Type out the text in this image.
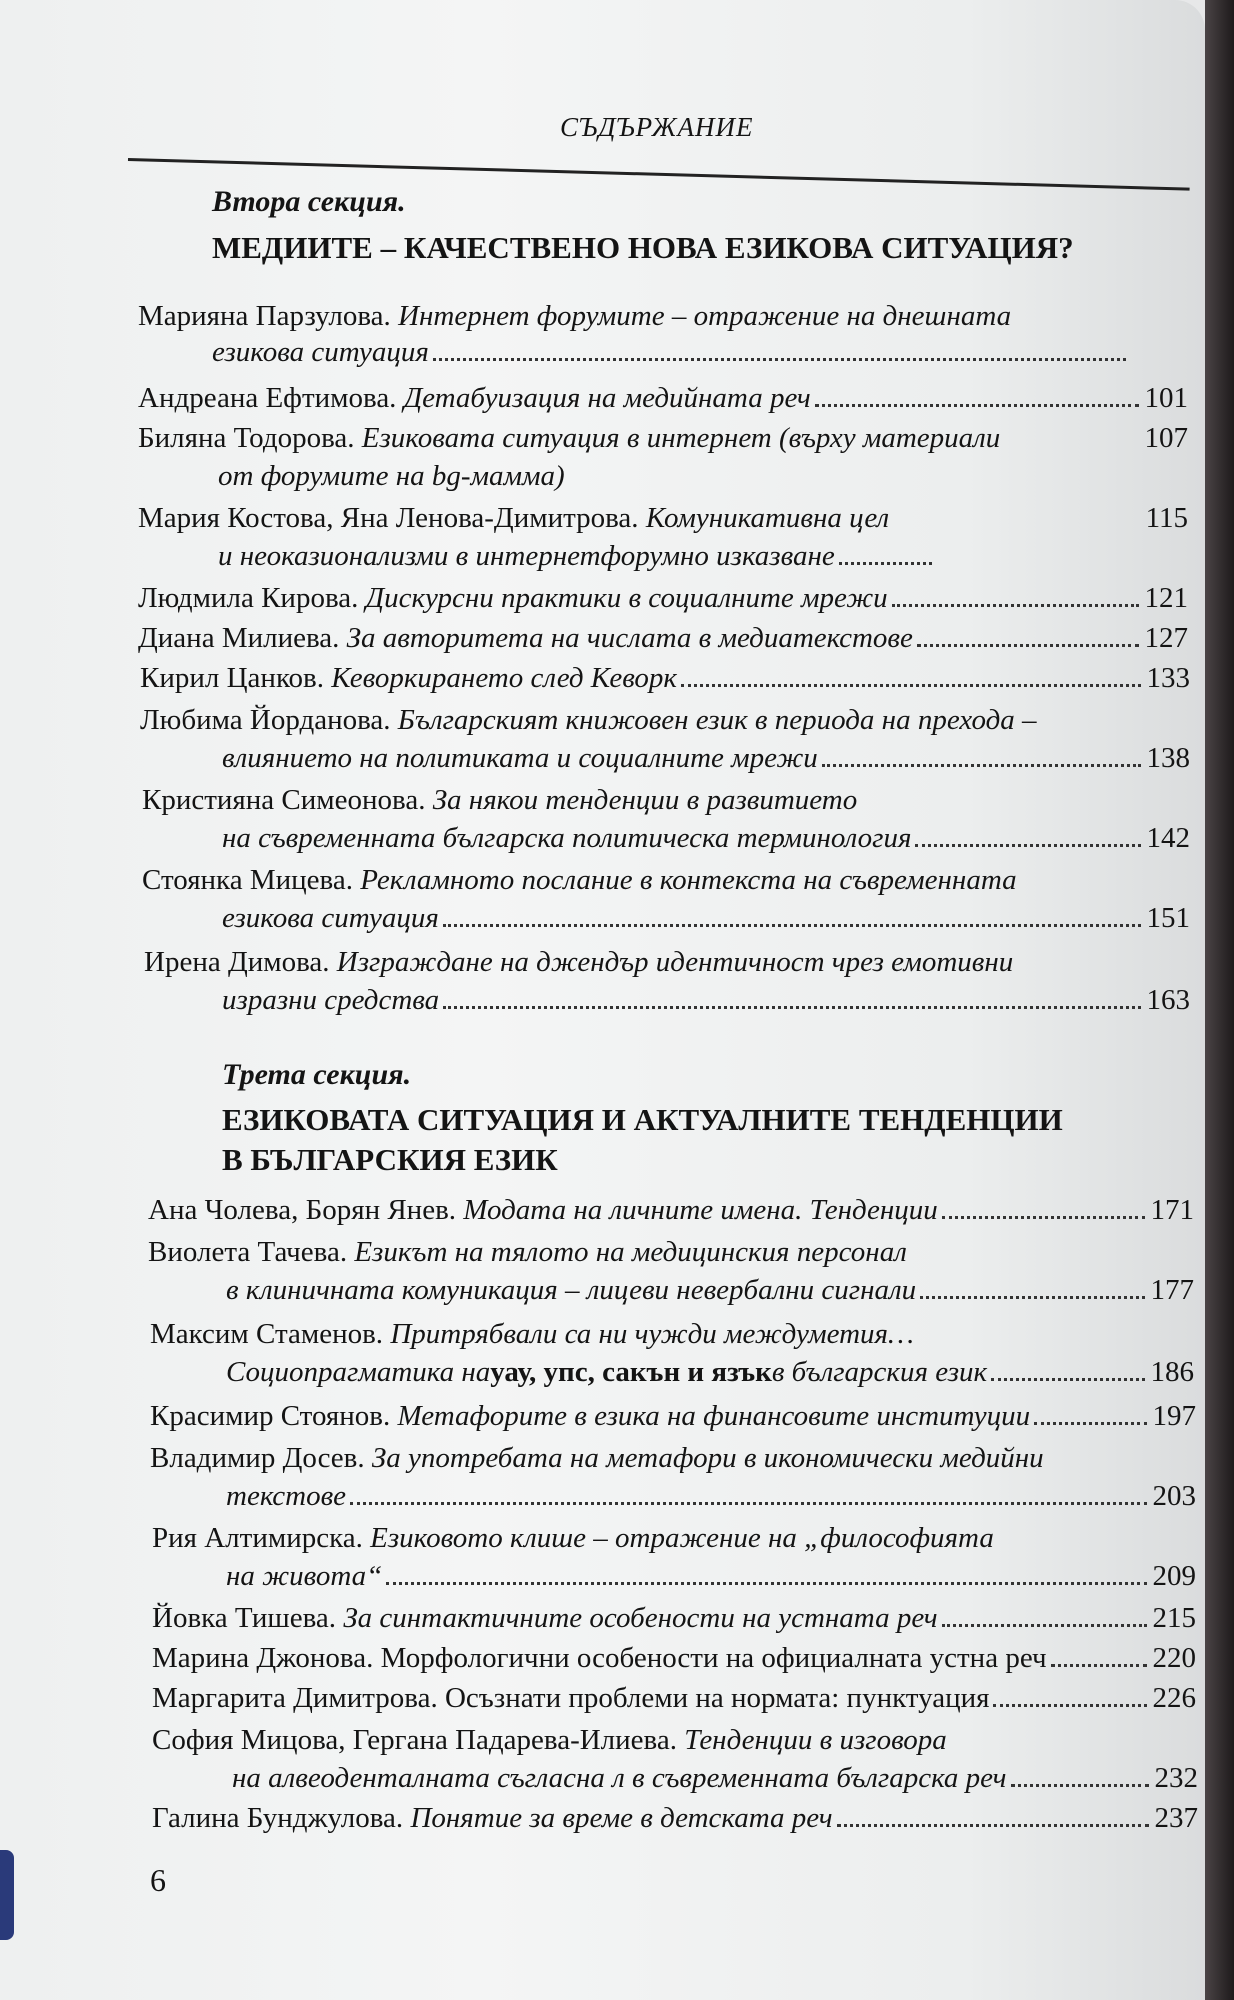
СЪДЪРЖАНИЕ
Втора секция.
МЕДИИТЕ – КАЧЕСТВЕНО НОВА ЕЗИКОВА СИТУАЦИЯ?
Марияна Парзулова.
Интернет форумите – отражение на днешната
езикова ситуация
Андреана Ефтимова.
Детабуизация на медийната реч	101
Биляна Тодорова.
Езиковата ситуация в интернет (върху материали	107
от форумите на bg-мамма)
Мария Костова, Яна Ленова-Димитрова.
Комуникативна цел	115
и неоказионализми в интернетфорумно изказване
Людмила Кирова.
Дискурсни практики в социалните мрежи	121
Диана Милиева.
За авторитета на числата в медиатекстове	127
Кирил Цанков.
Кеворкирането след Кеворк	133
Любима Йорданова.
Българският книжовен език в периода на прехода –
влиянието на политиката и социалните мрежи	138
Кристияна Симеонова.
За някои тенденции в развитието
на съвременната българска политическа терминология	142
Стоянка Мицева.
Рекламното послание в контекста на съвременната
езикова ситуация	151
Ирена Димова.
Изграждане на джендър идентичност чрез емотивни
изразни средства	163
Трета секция.
ЕЗИКОВАТА СИТУАЦИЯ И АКТУАЛНИТЕ ТЕНДЕНЦИИ
В БЪЛГАРСКИЯ ЕЗИК
Ана Чолева, Борян Янев.
Модата на личните имена. Тенденции	171
Виолета Тачева.
Езикът на тялото на медицинския персонал
в клиничната комуникация – лицеви невербални сигнали	177
Максим Стаменов.
Притрябвали са ни чужди междуметия…
Социопрагматика на уау, упс, сакън и язък в българския език	186
Красимир Стоянов.
Метафорите в езика на финансовите институции	197
Владимир Досев.
За употребата на метафори в икономически медийни
текстове	203
Рия Алтимирска.
Езиковото клише – отражение на „философията
на живота“	209
Йовка Тишева.
За синтактичните особености на устната реч	215
Марина Джонова.
Морфологични особености на официалната устна реч	220
Маргарита Димитрова.
Осъзнати проблеми на нормата: пунктуация	226
София Мицова, Гергана Падарева-Илиева.
Тенденции в изговора
на алвеоденталната съгласна л в съвременната българска реч	232
Галина Бунджулова.
Понятие за време в детската реч	237
6
